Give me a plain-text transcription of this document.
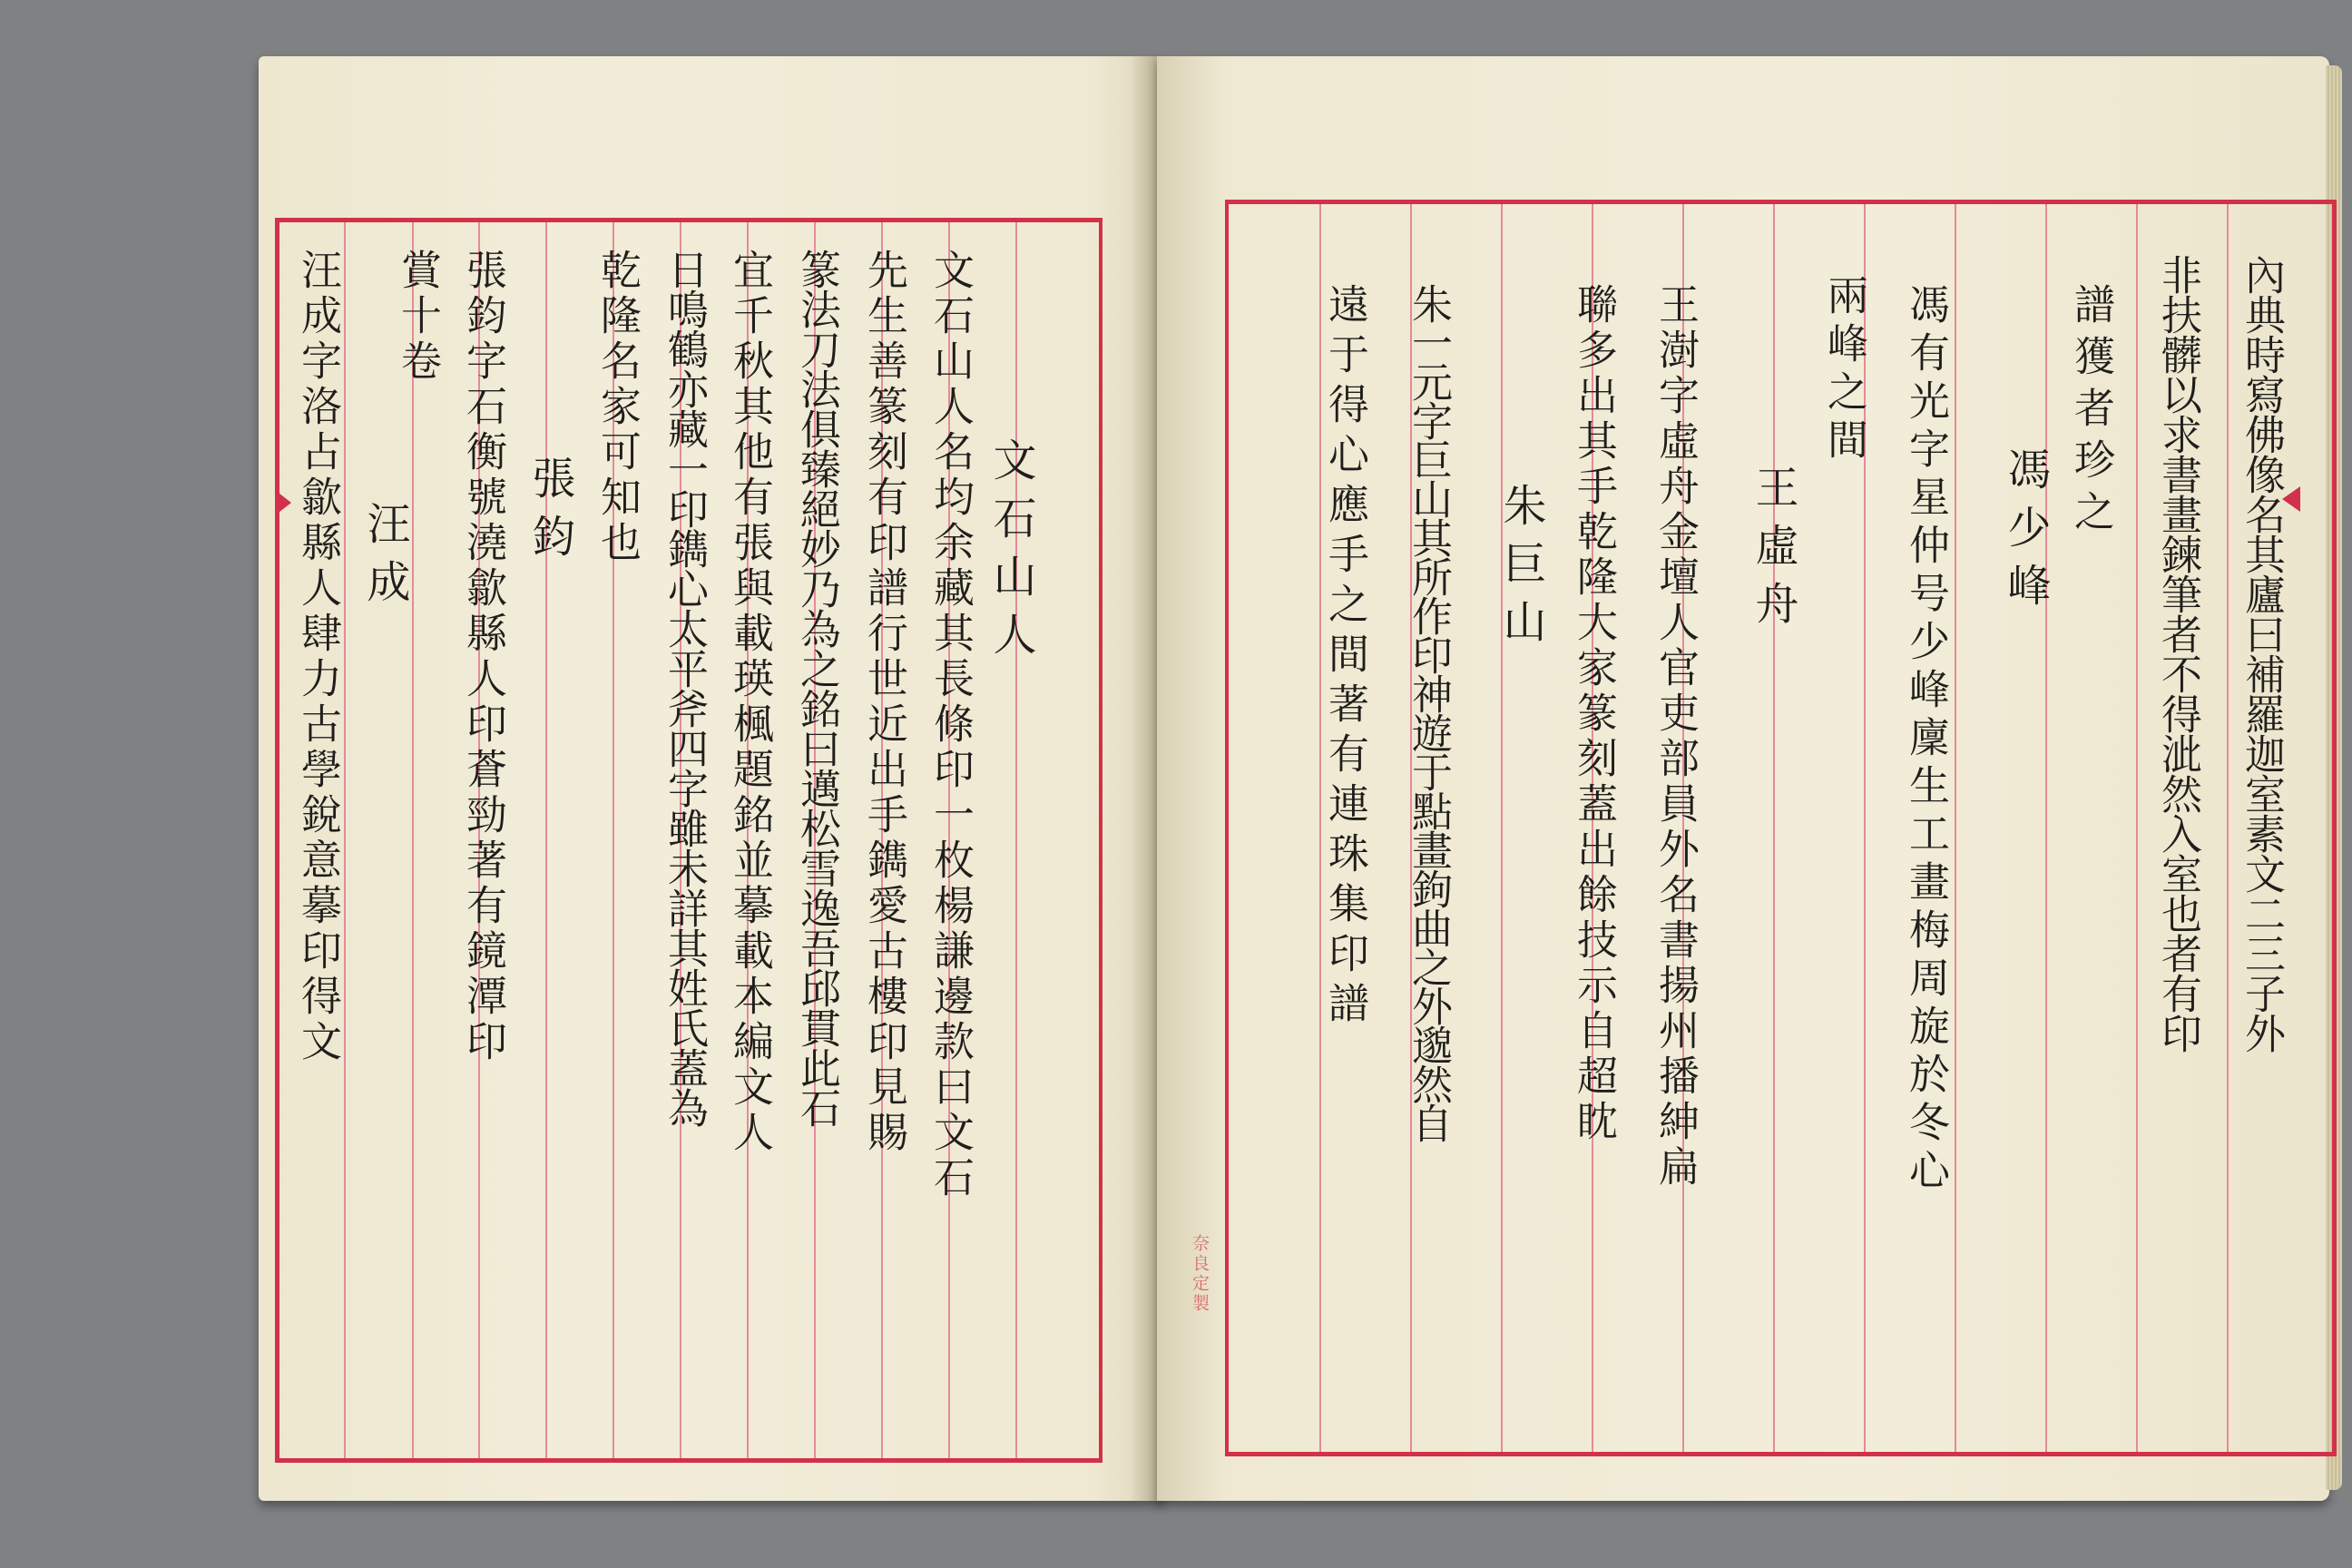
文石山人
文石山人名均余藏其長條印一枚楊謙邊款曰文石
先生善篆刻有印譜行世近出手鐫愛古樓印見賜
篆法刀法俱臻絕妙乃為之銘曰邁松雪逸吾邱貫此石
宜千秋其他有張與載瑛楓題銘並摹載本編文人
日鳴鶴亦藏一印鐫心太平斧四字雖未詳其姓氏蓋為
乾隆名家可知也
張鈞
張鈞字石衡號澆歙縣人印蒼勁著有鏡潭印
賞十卷
汪成
汪成字洛占歙縣人肆力古學銳意摹印得文
奈良定製
內典時寫佛像名其廬曰補羅迦室素文二三子外
非扶髒以求書畫鍊筆者不得泚然入室也者有印
譜獲者珍之
馮少峰
馮有光字星仲号少峰廩生工畫梅周旋於冬心
兩峰之間
王虛舟
王澍字虛舟金壇人官吏部員外名書揚州播紳扁
聯多出其手乾隆大家篆刻蓋出餘技示自超眈
朱巨山
朱一元字巨山其所作印神遊于點畫鉤曲之外邈然自
遠于得心應手之間著有連珠集印譜
